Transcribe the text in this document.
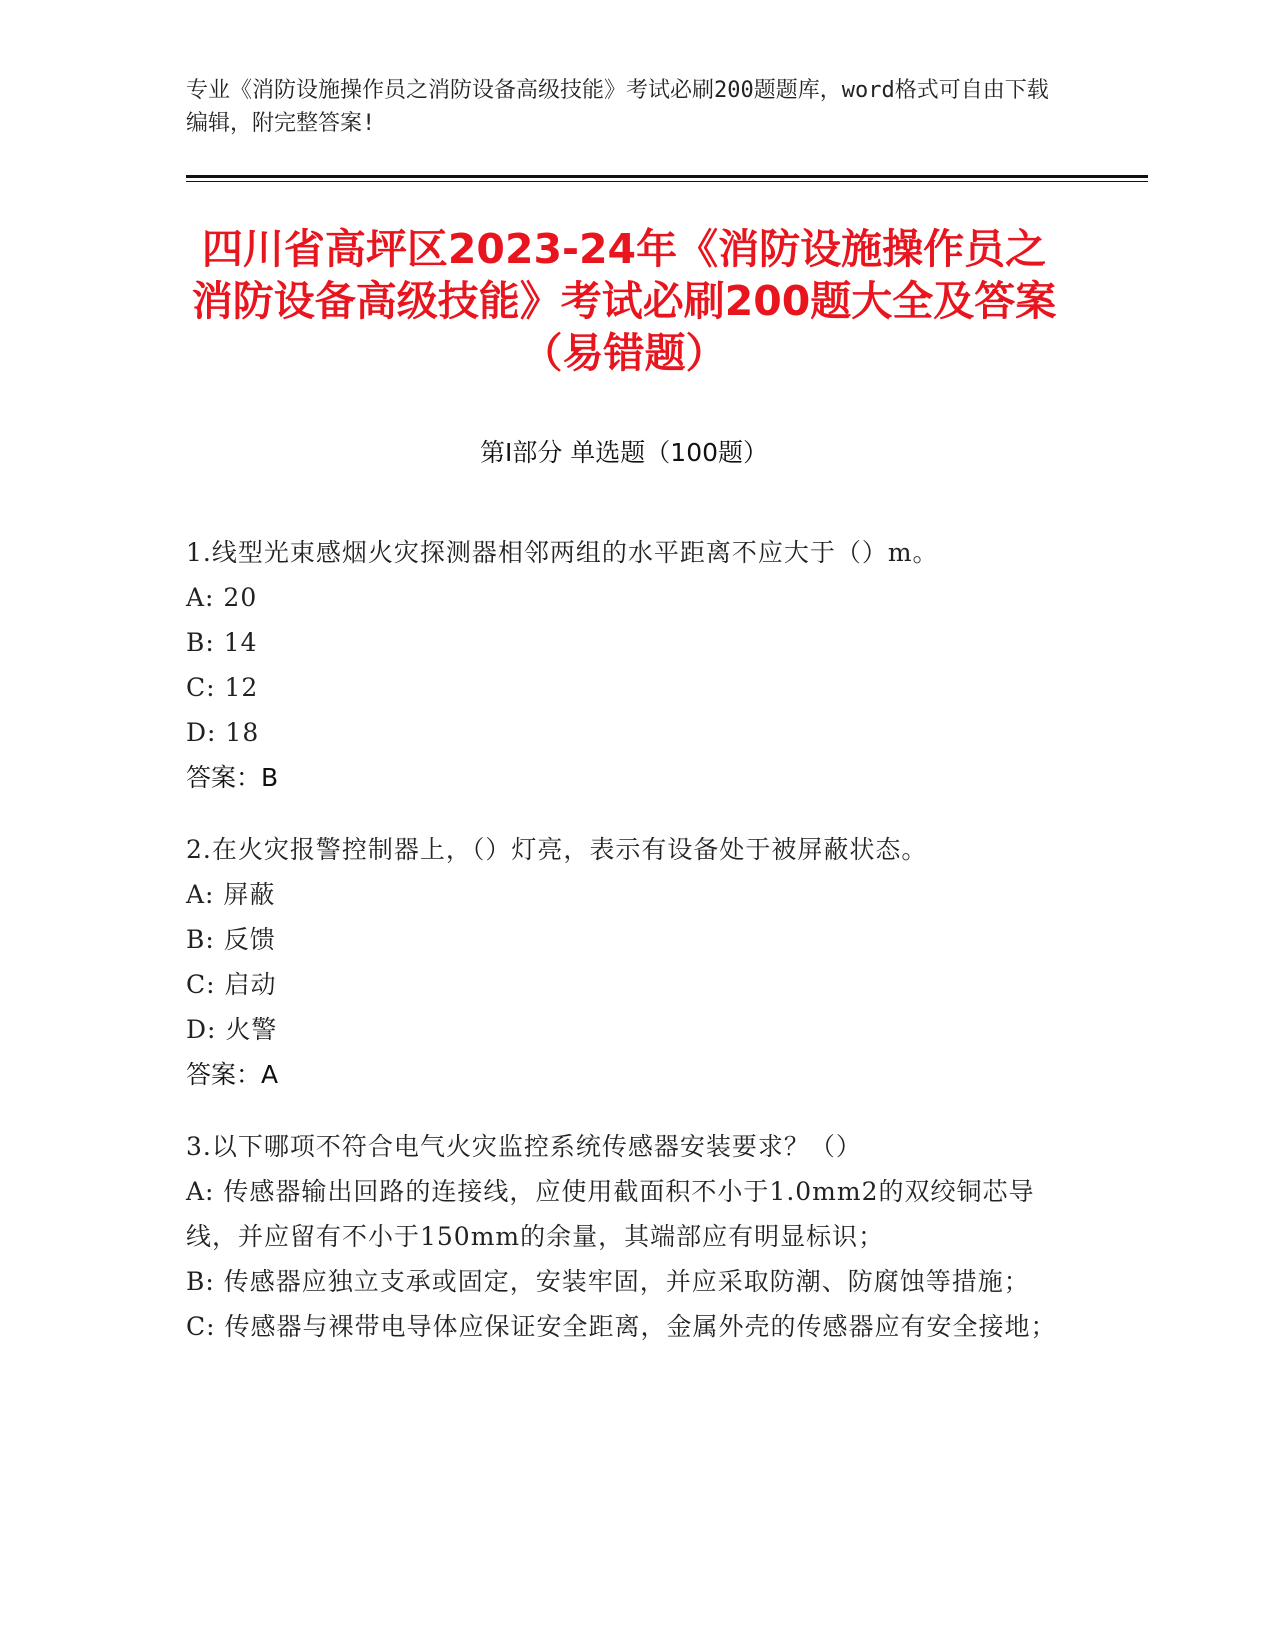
专业《消防设施操作员之消防设备高级技能》考试必刷200题题库，word格式可自由下载编辑，附完整答案!
四川省高坪区2023-24年《消防设施操作员之消防设备高级技能》考试必刷200题大全及答案（易错题）
第I部分 单选题（100题）
1.线型光束感烟火灾探测器相邻两组的水平距离不应大于（）m。
A: 20
B: 14
C: 12
D: 18
答案：B
2.在火灾报警控制器上，（）灯亮，表示有设备处于被屏蔽状态。
A: 屏蔽
B: 反馈
C: 启动
D: 火警
答案：A
3.以下哪项不符合电气火灾监控系统传感器安装要求？（）
A: 传感器输出回路的连接线，应使用截面积不小于1.0mm2的双绞铜芯导线，并应留有不小于150mm的余量，其端部应有明显标识；
B: 传感器应独立支承或固定，安装牢固，并应采取防潮、防腐蚀等措施；
C: 传感器与裸带电导体应保证安全距离，金属外壳的传感器应有安全接地；
